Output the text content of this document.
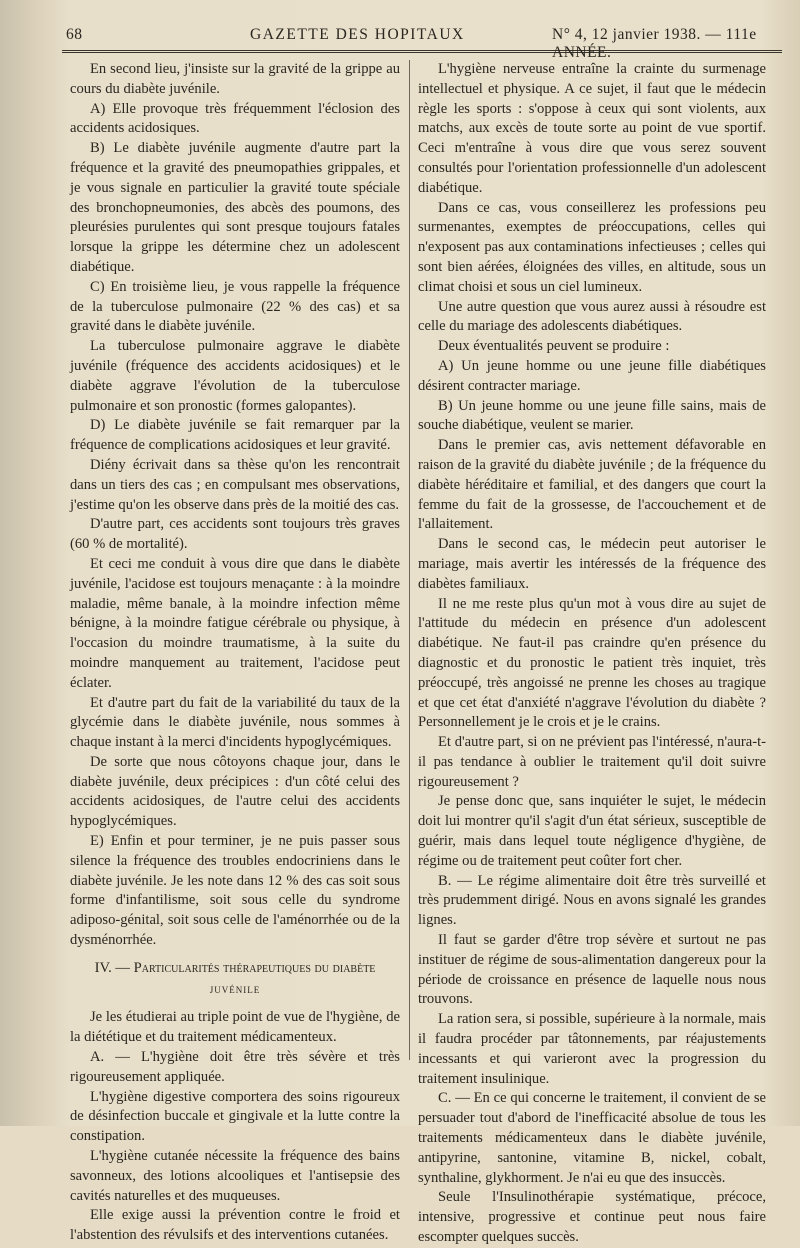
68	GAZETTE DES HOPITAUX	N° 4, 12 janvier 1938. — 111e ANNÉE.

En second lieu, j'insiste sur la gravité de la grippe au cours du diabète juvénile.

A) Elle provoque très fréquemment l'éclosion des accidents acidosiques.

B) Le diabète juvénile augmente d'autre part la fréquence et la gravité des pneumopathies grippales, et je vous signale en particulier la gravité toute spéciale des bronchopneumonies, des abcès des poumons, des pleurésies purulentes qui sont presque toujours fatales lorsque la grippe les détermine chez un adolescent diabétique.

C) En troisième lieu, je vous rappelle la fréquence de la tuberculose pulmonaire (22 % des cas) et sa gravité dans le diabète juvénile.

La tuberculose pulmonaire aggrave le diabète juvénile (fréquence des accidents acidosiques) et le diabète aggrave l'évolution de la tuberculose pulmonaire et son pronostic (formes galopantes).

D) Le diabète juvénile se fait remarquer par la fréquence de complications acidosiques et leur gravité.

Diény écrivait dans sa thèse qu'on les rencontrait dans un tiers des cas ; en compulsant mes observations, j'estime qu'on les observe dans près de la moitié des cas.

D'autre part, ces accidents sont toujours très graves (60 % de mortalité).

Et ceci me conduit à vous dire que dans le diabète juvénile, l'acidose est toujours menaçante : à la moindre maladie, même banale, à la moindre infection même bénigne, à la moindre fatigue cérébrale ou physique, à l'occasion du moindre traumatisme, à la suite du moindre manquement au traitement, l'acidose peut éclater.

Et d'autre part du fait de la variabilité du taux de la glycémie dans le diabète juvénile, nous sommes à chaque instant à la merci d'incidents hypoglycémiques.

De sorte que nous côtoyons chaque jour, dans le diabète juvénile, deux précipices : d'un côté celui des accidents acidosiques, de l'autre celui des accidents hypoglycémiques.

E) Enfin et pour terminer, je ne puis passer sous silence la fréquence des troubles endocriniens dans le diabète juvénile. Je les note dans 12 % des cas soit sous forme d'infantilisme, soit sous celle du syndrome adiposo-génital, soit sous celle de l'aménorrhée ou de la dysménorrhée.

IV. — Particularités thérapeutiques du diabète
juvénile

Je les étudierai au triple point de vue de l'hygiène, de la diététique et du traitement médicamenteux.

A. — L'hygiène doit être très sévère et très rigoureusement appliquée.

L'hygiène digestive comportera des soins rigoureux de désinfection buccale et gingivale et la lutte contre la constipation.

L'hygiène cutanée nécessite la fréquence des bains savonneux, des lotions alcooliques et l'antisepsie des cavités naturelles et des muqueuses.

Elle exige aussi la prévention contre le froid et l'abstention des révulsifs et des interventions cutanées.

L'hygiène nerveuse entraîne la crainte du surmenage intellectuel et physique. A ce sujet, il faut que le médecin règle les sports : s'oppose à ceux qui sont violents, aux matchs, aux excès de toute sorte au point de vue sportif. Ceci m'entraîne à vous dire que vous serez souvent consultés pour l'orientation professionnelle d'un adolescent diabétique.

Dans ce cas, vous conseillerez les professions peu surmenantes, exemptes de préoccupations, celles qui n'exposent pas aux contaminations infectieuses ; celles qui sont bien aérées, éloignées des villes, en altitude, sous un climat choisi et sous un ciel lumineux.

Une autre question que vous aurez aussi à résoudre est celle du mariage des adolescents diabétiques.

Deux éventualités peuvent se produire :

A) Un jeune homme ou une jeune fille diabétiques désirent contracter mariage.

B) Un jeune homme ou une jeune fille sains, mais de souche diabétique, veulent se marier.

Dans le premier cas, avis nettement défavorable en raison de la gravité du diabète juvénile ; de la fréquence du diabète héréditaire et familial, et des dangers que court la femme du fait de la grossesse, de l'accouchement et de l'allaitement.

Dans le second cas, le médecin peut autoriser le mariage, mais avertir les intéressés de la fréquence des diabètes familiaux.

Il ne me reste plus qu'un mot à vous dire au sujet de l'attitude du médecin en présence d'un adolescent diabétique. Ne faut-il pas craindre qu'en présence du diagnostic et du pronostic le patient très inquiet, très préoccupé, très angoissé ne prenne les choses au tragique et que cet état d'anxiété n'aggrave l'évolution du diabète ? Personnellement je le crois et je le crains.

Et d'autre part, si on ne prévient pas l'intéressé, n'aura-t-il pas tendance à oublier le traitement qu'il doit suivre rigoureusement ?

Je pense donc que, sans inquiéter le sujet, le médecin doit lui montrer qu'il s'agit d'un état sérieux, susceptible de guérir, mais dans lequel toute négligence d'hygiène, de régime ou de traitement peut coûter fort cher.

B. — Le régime alimentaire doit être très surveillé et très prudemment dirigé. Nous en avons signalé les grandes lignes.

Il faut se garder d'être trop sévère et surtout ne pas instituer de régime de sous-alimentation dangereux pour la période de croissance en présence de laquelle nous nous trouvons.

La ration sera, si possible, supérieure à la normale, mais il faudra procéder par tâtonnements, par réajustements incessants et qui varieront avec la progression du traitement insulinique.

C. — En ce qui concerne le traitement, il convient de se persuader tout d'abord de l'inefficacité absolue de tous les traitements médicamenteux dans le diabète juvénile, antipyrine, santonine, vitamine B, nickel, cobalt, synthaline, glykhorment. Je n'ai eu que des insuccès.

Seule l'Insulinothérapie systématique, précoce, intensive, progressive et continue peut nous faire escompter quelques succès.
